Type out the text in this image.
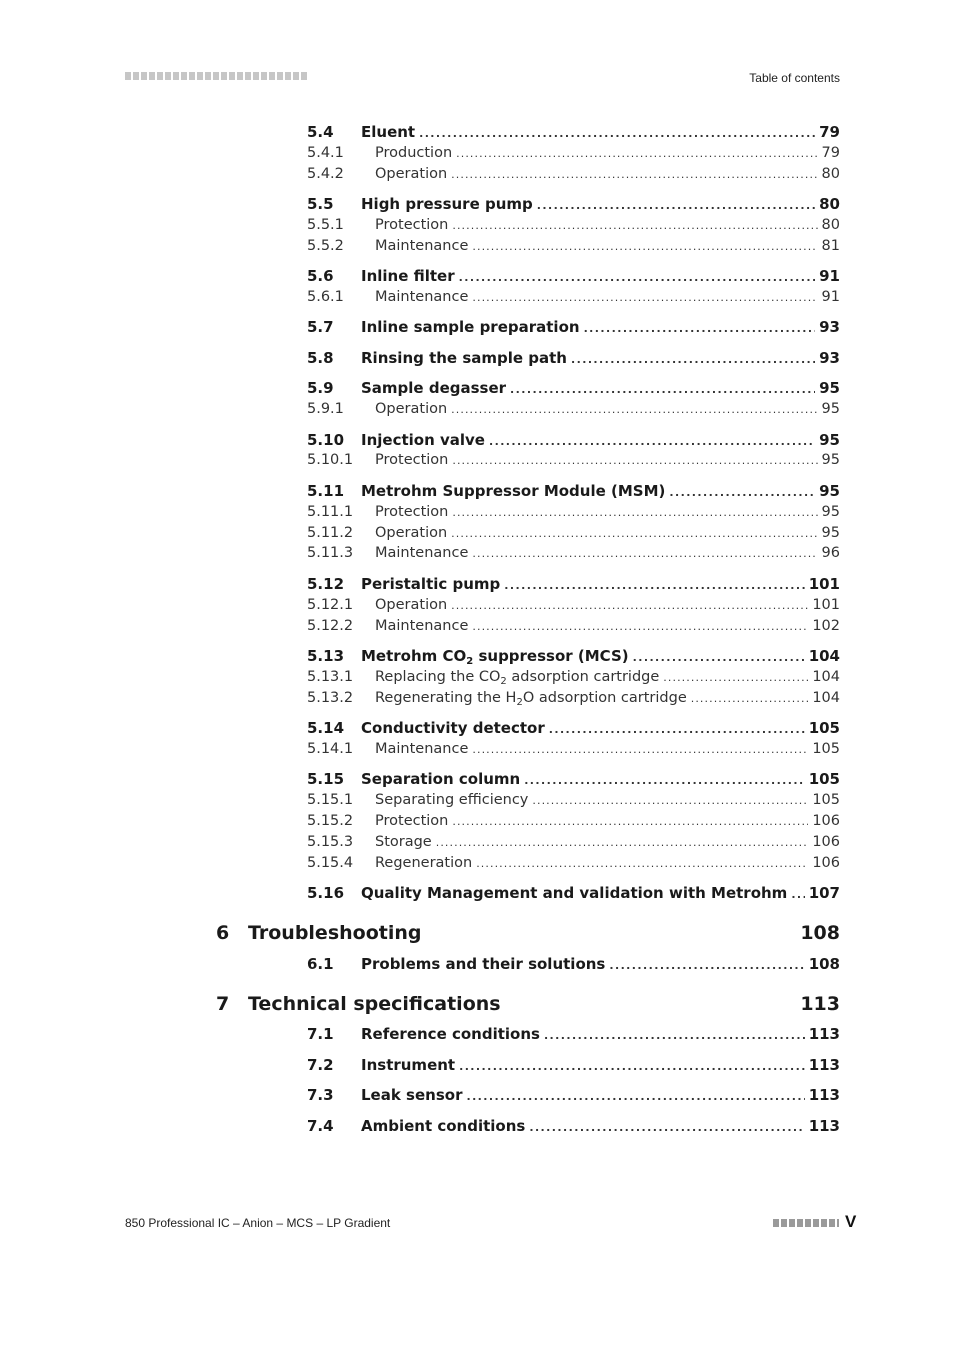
Table of contents
5.4 Eluent . . .	79
5.4.1 Production . . .	79
5.4.2 Operation . . .	80
5.5 High pressure pump . . .	80
5.5.1 Protection . . .	80
5.5.2 Maintenance . . .	81
5.6 Inline filter . . .	91
5.6.1 Maintenance . . .	91
5.7 Inline sample preparation . . .	93
5.8 Rinsing the sample path . . .	93
5.9 Sample degasser . . .	95
5.9.1 Operation . . .	95
5.10 Injection valve . . .	95
5.10.1 Protection . . .	95
5.11 Metrohm Suppressor Module (MSM) . . .	95
5.11.1 Protection . . .	95
5.11.2 Operation . . .	95
5.11.3 Maintenance . . .	96
5.12 Peristaltic pump . . .	101
5.12.1 Operation . . .	101
5.12.2 Maintenance . . .	102
5.13 Metrohm $CO_2$ suppressor (MCS) . . .	104
5.13.1 Replacing the $CO_2$ adsorption cartridge . . .	104
5.13.2 Regenerating the $H_2O$ adsorption cartridge . . .	104
5.14 Conductivity detector . . .	105
5.14.1 Maintenance . . .	105
5.15 Separation column . . .	105
5.15.1 Separating efficiency . . .	105
5.15.2 Protection . . .	106
5.15.3 Storage . . .	106
5.15.4 Regeneration . . .	106
5.16 Quality Management and validation with Metrohm . . . 107
6 Troubleshooting	108
6.1 Problems and their solutions . . .	108
7 Technical specifications	113
7.1 Reference conditions . . .	113
7.2 Instrument . . .	113
7.3 Leak sensor . . .	113
7.4 Ambient conditions . . .	113
850 Professional IC – Anion – MCS – LP Gradient	V
